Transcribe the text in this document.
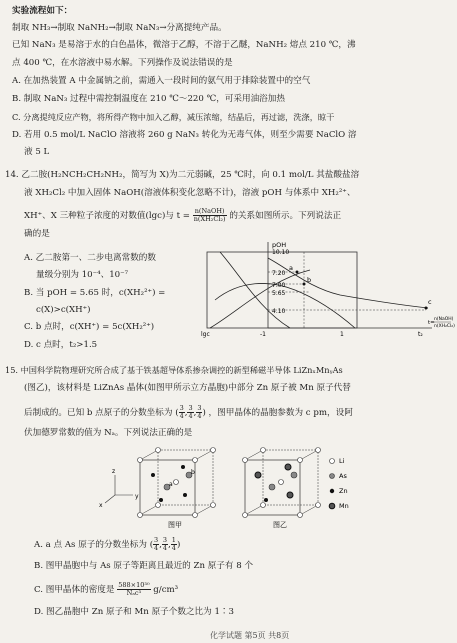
实验流程如下：
制取 NH₃→制取 NaNH₂→制取 NaN₃→分离提纯产品。
已知 NaN₃ 是易溶于水的白色晶体，微溶于乙醇，不溶于乙醚，NaNH₂ 熔点 210 ℃，沸
点 400 ℃，在水溶液中易水解。下列操作及说法错误的是
A. 在加热装置 A 中金属钠之前，需通入一段时间的氨气用于排除装置中的空气
B. 制取 NaN₃ 过程中需控制温度在 210 ℃～220 ℃，可采用油浴加热
C. 分离提纯反应产物，将所得产物中加入乙醇，减压浓缩，结晶后，再过滤，洗涤，晾干
D. 若用 0.5 mol/L NaClO 溶液将 260 g NaN₃ 转化为无毒气体，则至少需要 NaClO 溶
液 5 L
14. 乙二胺(H₂NCH₂CH₂NH₂，简写为 X)为二元弱碱，25 ℃时，向 0.1 mol/L 其盐酸盐溶
液 XH₂Cl₂ 中加入固体 NaOH(溶液体积变化忽略不计)，溶液 pOH 与体系中 XH₂²⁺、
XH⁺、X 三种粒子浓度的对数值(lgc)与 $t = \frac{\text{n(NaOH)}}{\text{n(XH₂Cl₂)}}$ 的关系如图所示。下列说法正
确的是
A. 乙二胺第一、二步电离常数的数
量级分别为 10⁻⁴、10⁻⁷
B. 当 pOH = 5.65 时，c(XH₂²⁺) =
c(X)>c(XH⁺)
C. b 点时，c(XH⁺) = 5c(XH₂²⁺)
D. c 点时，t₂>1.5
pOH
10.10
7.20
7.00
5.65
4.10
a
b
c
lgc	-1	1	t₂
t=
n(NaOH)
n(XH₂Cl₂)
15. 中国科学院物理研究所合成了基于铁基超导体系掺杂调控的新型稀磁半导体 LiZnₓMnᵧAs
(图乙)，该材料是 LiZnAs 晶体(如图甲所示立方晶胞)中部分 Zn 原子被 Mn 原子代替
后制成的。已知 b 点原子的分数坐标为 ( $\frac{3}{4}$ , $\frac{3}{4}$ , $\frac{3}{4}$ ) ，图甲晶体的晶胞参数为 c pm，设阿
伏加德罗常数的值为 Nₐ。下列说法正确的是
a
b
z
x
y
Li
As
Zn
Mn
图甲	图乙
A. a 点 As 原子的分数坐标为 ( $\frac{3}{4}$ , $\frac{3}{4}$ , $\frac{1}{4}$ )
B. 图甲晶胞中与 As 原子等距离且最近的 Zn 原子有 8 个
C. 图甲晶体的密度是 $\frac{\text{588×10³⁰}}{\text{Nₐc³}} g/cm^3$
D. 图乙晶胞中 Zn 原子和 Mn 原子个数之比为 1∶3
化学试题 第5页 共8页
